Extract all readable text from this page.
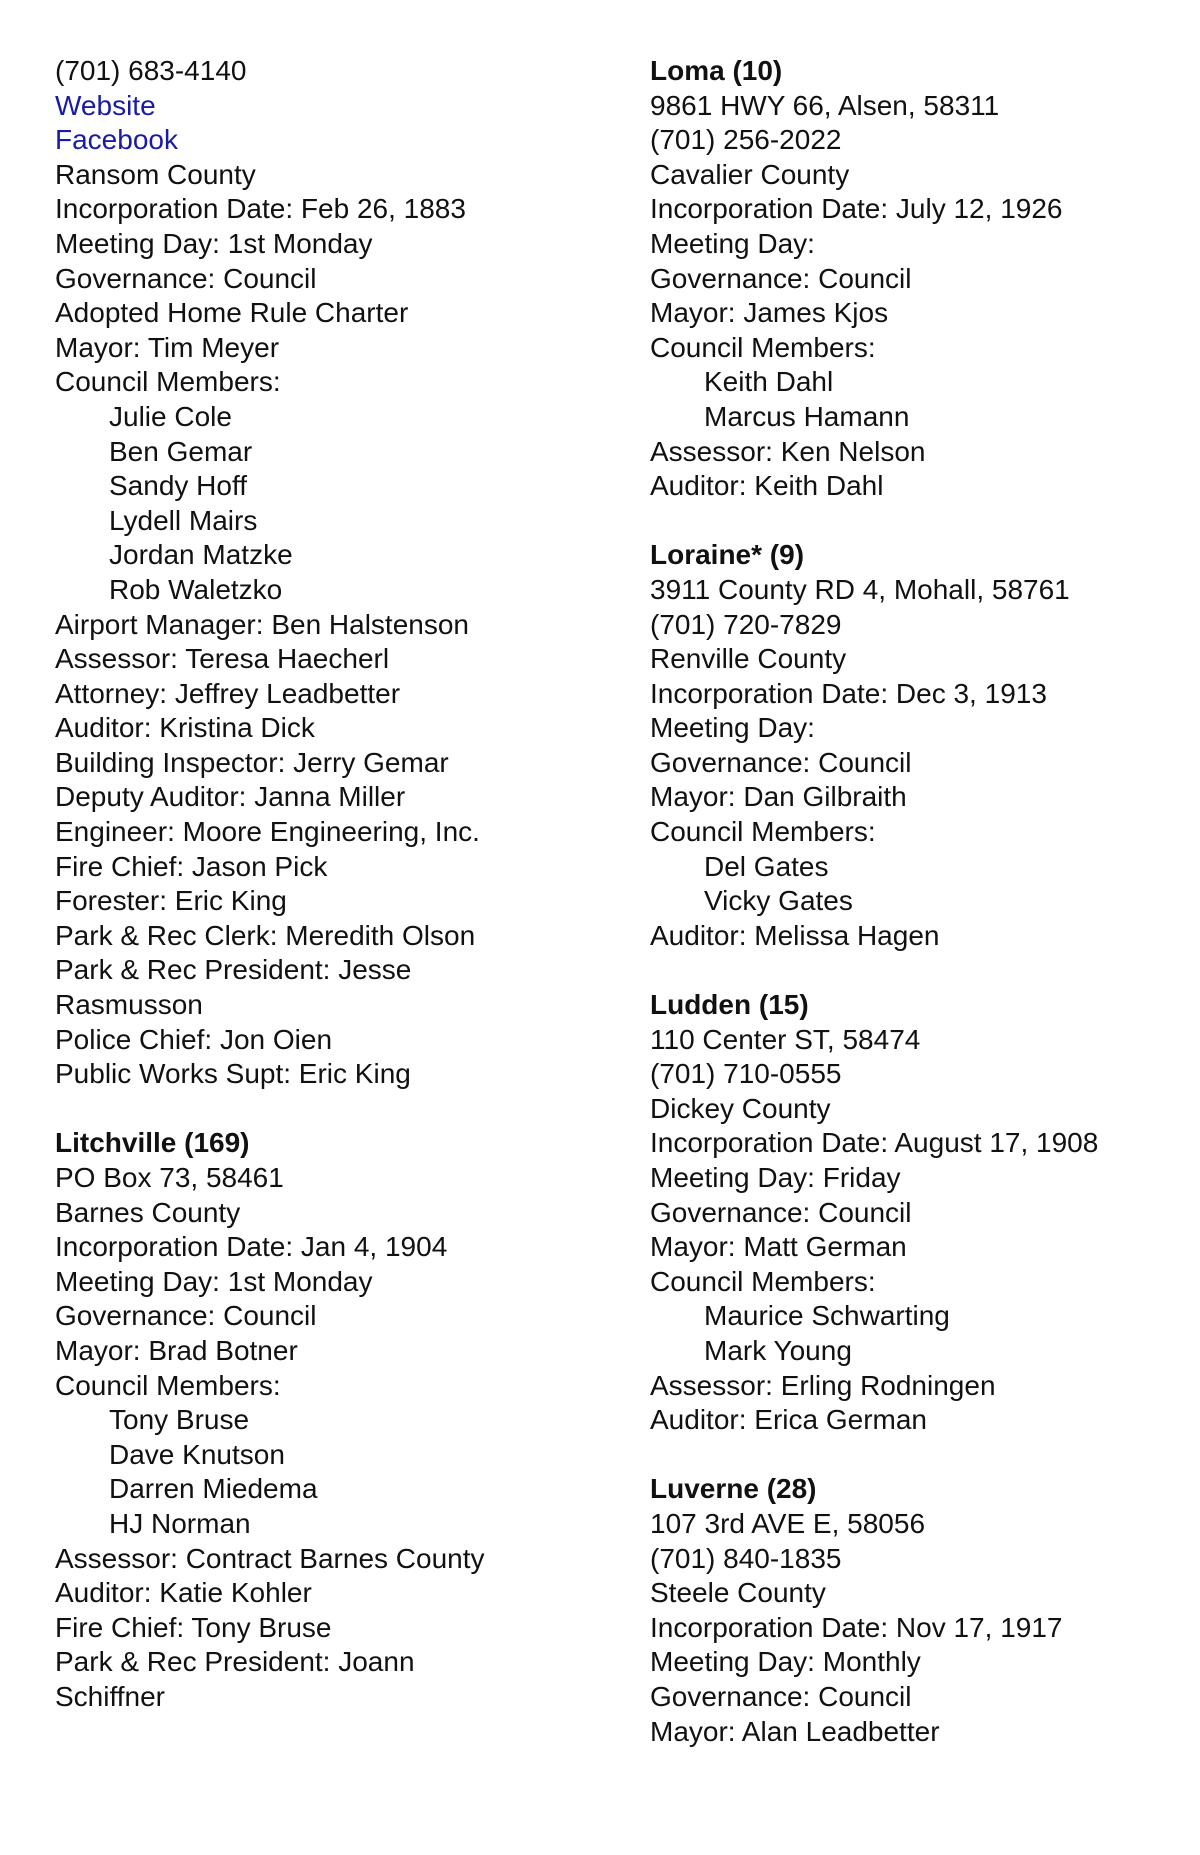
(701) 683-4140
Website
Facebook
Ransom County
Incorporation Date: Feb 26, 1883
Meeting Day: 1st Monday
Governance: Council
Adopted Home Rule Charter
Mayor: Tim Meyer
Council Members:
Julie Cole
Ben Gemar
Sandy Hoff
Lydell Mairs
Jordan Matzke
Rob Waletzko
Airport Manager: Ben Halstenson
Assessor: Teresa Haecherl
Attorney: Jeffrey Leadbetter
Auditor: Kristina Dick
Building Inspector: Jerry Gemar
Deputy Auditor: Janna Miller
Engineer: Moore Engineering, Inc.
Fire Chief: Jason Pick
Forester: Eric King
Park & Rec Clerk: Meredith Olson
Park & Rec President: Jesse
Rasmusson
Police Chief: Jon Oien
Public Works Supt: Eric King
Litchville (169)
PO Box 73, 58461
Barnes County
Incorporation Date: Jan 4, 1904
Meeting Day: 1st Monday
Governance: Council
Mayor: Brad Botner
Council Members:
Tony Bruse
Dave Knutson
Darren Miedema
HJ Norman
Assessor: Contract Barnes County
Auditor: Katie Kohler
Fire Chief: Tony Bruse
Park & Rec President: Joann
Schiffner
Loma (10)
9861 HWY 66, Alsen, 58311
(701) 256-2022
Cavalier County
Incorporation Date: July 12, 1926
Meeting Day:
Governance: Council
Mayor: James Kjos
Council Members:
Keith Dahl
Marcus Hamann
Assessor: Ken Nelson
Auditor: Keith Dahl
Loraine* (9)
3911 County RD 4, Mohall, 58761
(701) 720-7829
Renville County
Incorporation Date: Dec 3, 1913
Meeting Day:
Governance: Council
Mayor: Dan Gilbraith
Council Members:
Del Gates
Vicky Gates
Auditor: Melissa Hagen
Ludden (15)
110 Center ST, 58474
(701) 710-0555
Dickey County
Incorporation Date: August 17, 1908
Meeting Day: Friday
Governance: Council
Mayor: Matt German
Council Members:
Maurice Schwarting
Mark Young
Assessor: Erling Rodningen
Auditor: Erica German
Luverne (28)
107 3rd AVE E, 58056
(701) 840-1835
Steele County
Incorporation Date: Nov 17, 1917
Meeting Day: Monthly
Governance: Council
Mayor: Alan Leadbetter
